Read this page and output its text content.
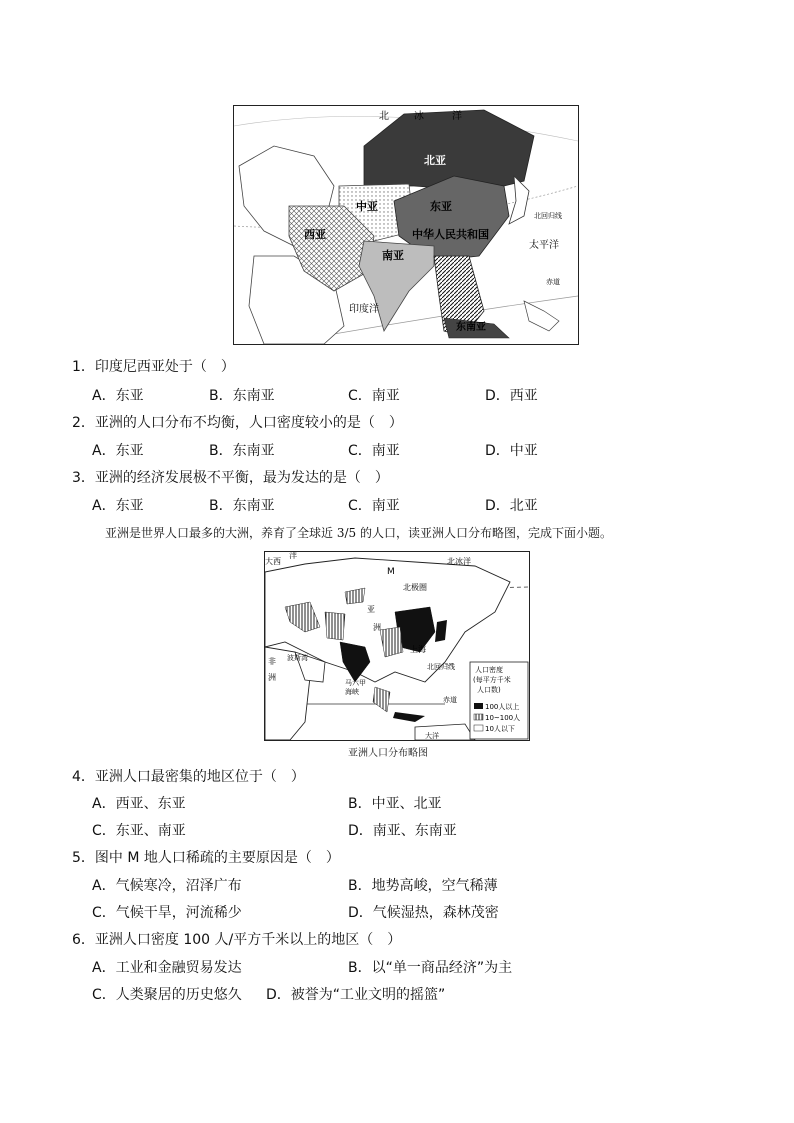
北	冰	洋
北亚
中亚	东亚
西亚	中华人民共和国
南亚
太平洋
印度洋
东南亚
北回归线
赤道
1．印度尼西亚处于（　）
A．东亚	B．东南亚	C．南亚	D．西亚
2．亚洲的人口分布不均衡，人口密度较小的是（　）
A．东亚	B．东南亚	C．南亚	D．中亚
3．亚洲的经济发展极不平衡，最为发达的是（　）
A．东亚	B．东南亚	C．南亚	D．北亚
亚洲是世界人口最多的大洲，养育了全球近 3/5 的人口，读亚洲人口分布略图，完成下面小题。
大西
洋
北冰洋
M
北极圈
亚
洲
非
洲
波斯湾
上海
北回归线
马六甲
海峡
赤道
大洋
人口密度
(每平方千米
人口数)
100人以上
10~100人
10人以下
亚洲人口分布略图
4．亚洲人口最密集的地区位于（　）
A．西亚、东亚	B．中亚、北亚
C．东亚、南亚	D．南亚、东南亚
5．图中 M 地人口稀疏的主要原因是（　）
A．气候寒冷，沼泽广布	B．地势高峻，空气稀薄
C．气候干旱，河流稀少	D．气候湿热，森林茂密
6．亚洲人口密度 100 人/平方千米以上的地区（　）
A．工业和金融贸易发达	B．以“单一商品经济”为主
C．人类聚居的历史悠久 D．被誉为“工业文明的摇篮”
